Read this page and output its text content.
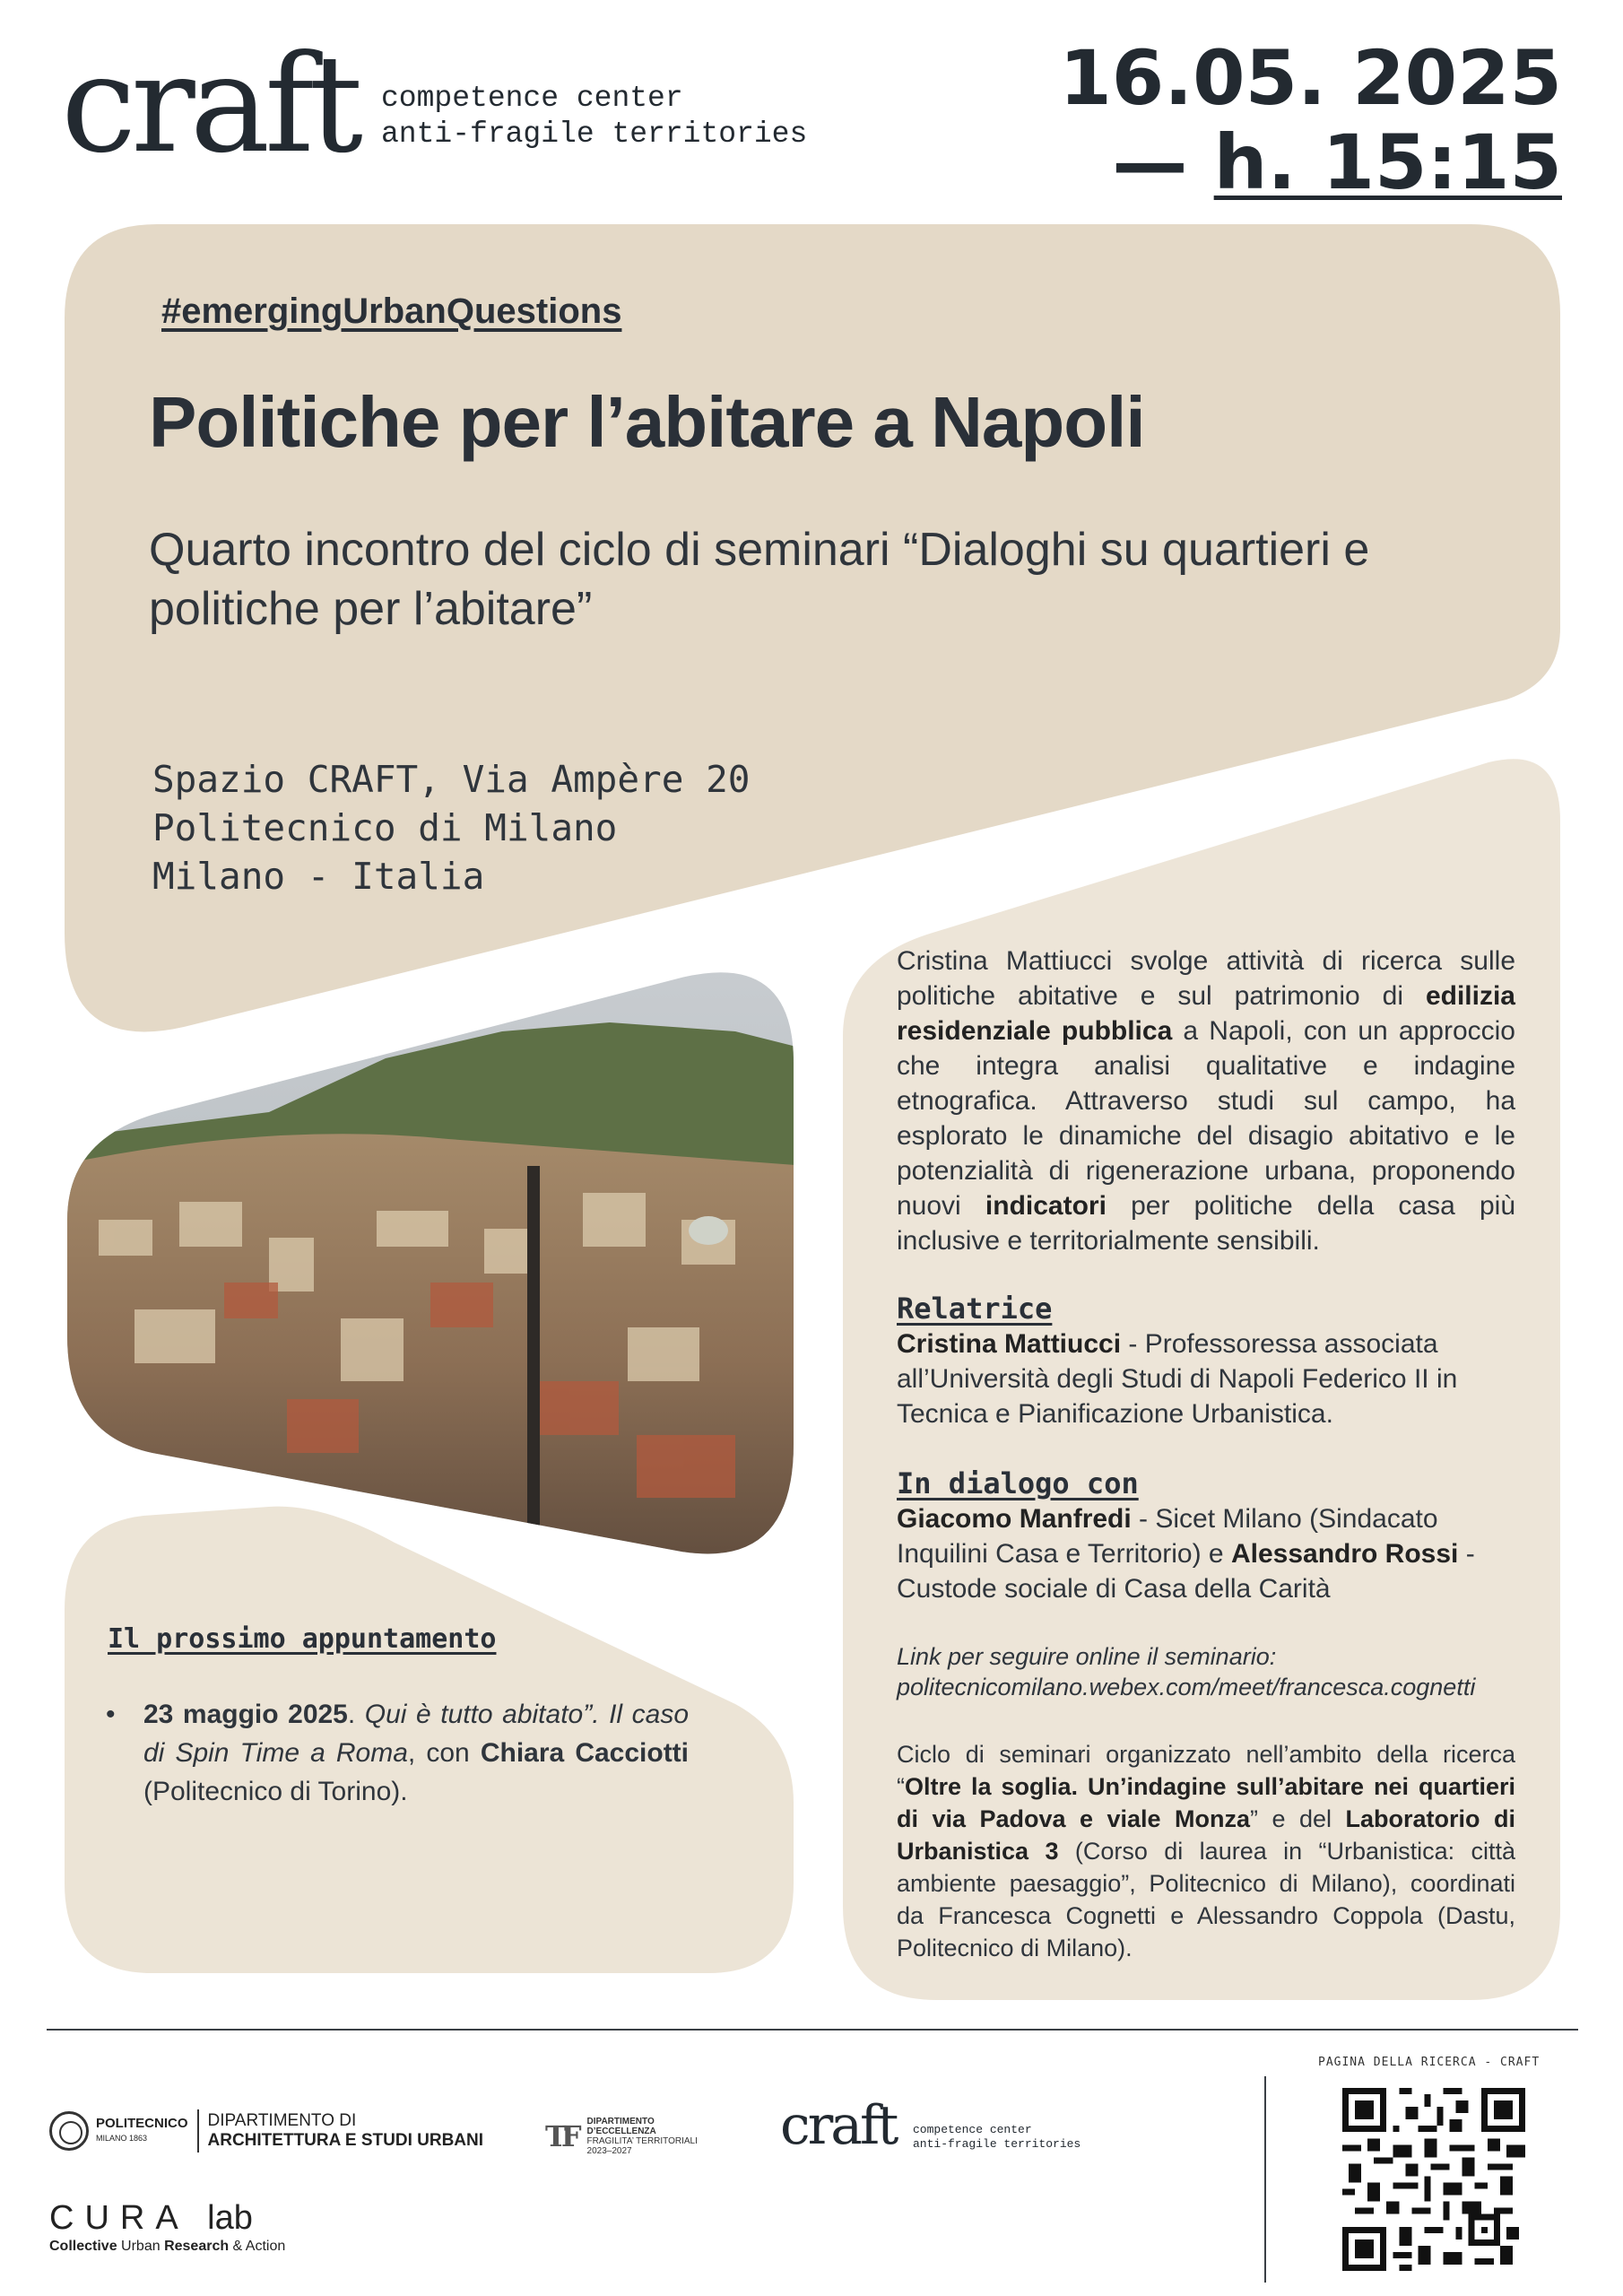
craft competence center
anti-fragile territories
16.05. 2025
— h. 15:15
#emergingUrbanQuestions
Politiche per l’abitare a Napoli
Quarto incontro del ciclo di seminari “Dialoghi su quartieri e politiche per l’abitare”
Spazio CRAFT, Via Ampère 20
Politecnico di Milano
Milano - Italia
Cristina Mattiucci svolge attività di ricerca sulle politiche abitative e sul patrimonio di edilizia residenziale pubblica a Napoli, con un approccio che integra analisi qualitative e indagine etnografica. Attraverso studi sul campo, ha esplorato le dinamiche del disagio abitativo e le potenzialità di rigenerazione urbana, proponendo nuovi indicatori per politiche della casa più inclusive e territorialmente sensibili.
Relatrice
Cristina Mattiucci - Professoressa associata all’Università degli Studi di Napoli Federico II in Tecnica e Pianificazione Urbanistica.
In dialogo con
Giacomo Manfredi - Sicet Milano (Sindacato Inquilini Casa e Territorio) e Alessandro Rossi - Custode sociale di Casa della Carità
Link per seguire online il seminario:
politecnicomilano.webex.com/meet/francesca.cognetti
Ciclo di seminari organizzato nell’ambito della ricerca “Oltre la soglia. Un’indagine sull’abitare nei quartieri di via Padova e viale Monza” e del Laboratorio di Urbanistica 3 (Corso di laurea in “Urbanistica: città ambiente paesaggio”, Politecnico di Milano), coordinati da Francesca Cognetti e Alessandro Coppola (Dastu, Politecnico di Milano).
Il prossimo appuntamento
•	23 maggio 2025. Qui è tutto abitato”. Il caso di Spin Time a Roma, con Chiara Cacciotti (Politecnico di Torino).
POLITECNICO
MILANO 1863
DIPARTIMENTO DI
ARCHITETTURA E STUDI URBANI TF DIPARTIMENTO
D’ECCELLENZA
FRAGILITA’ TERRITORIALI
2023–2027	craft competence center
anti-fragile territories
CURA lab
Collective Urban Research & Action
PAGINA DELLA RICERCA - CRAFT
